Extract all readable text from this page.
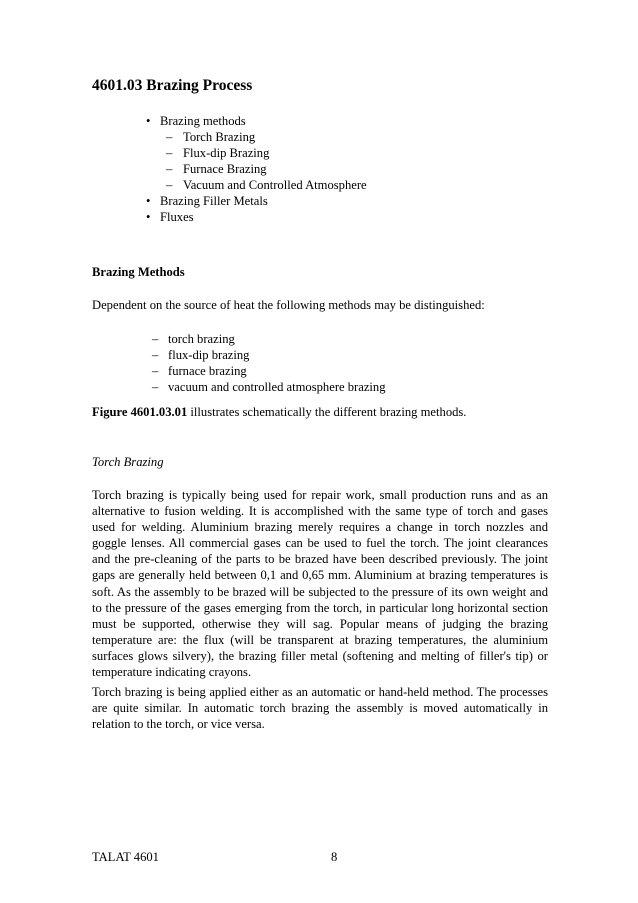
4601.03 Brazing Process
• Brazing methods
– Torch Brazing
– Flux-dip Brazing
– Furnace Brazing
– Vacuum and Controlled Atmosphere
• Brazing Filler Metals
• Fluxes
Brazing Methods
Dependent on the source of heat the following methods may be distinguished:
– torch brazing
– flux-dip brazing
– furnace brazing
– vacuum and controlled atmosphere brazing
Figure 4601.03.01 illustrates schematically the different brazing methods.
Torch Brazing
Torch brazing is typically being used for repair work, small production runs and as an alternative to fusion welding. It is accomplished with the same type of torch and gases used for welding. Aluminium brazing merely requires a change in torch nozzles and goggle lenses. All commercial gases can be used to fuel the torch. The joint clearances and the pre-cleaning of the parts to be brazed have been described previously. The joint gaps are generally held between 0,1 and 0,65 mm. Aluminium at brazing temperatures is soft. As the assembly to be brazed will be subjected to the pressure of its own weight and to the pressure of the gases emerging from the torch, in particular long horizontal section must be supported, otherwise they will sag. Popular means of judging the brazing temperature are: the flux (will be transparent at brazing temperatures, the aluminium surfaces glows silvery), the brazing filler metal (softening and melting of filler's tip) or temperature indicating crayons.
Torch brazing is being applied either as an automatic or hand-held method. The processes are quite similar. In automatic torch brazing the assembly is moved automatically in relation to the torch, or vice versa.
TALAT 4601	8
